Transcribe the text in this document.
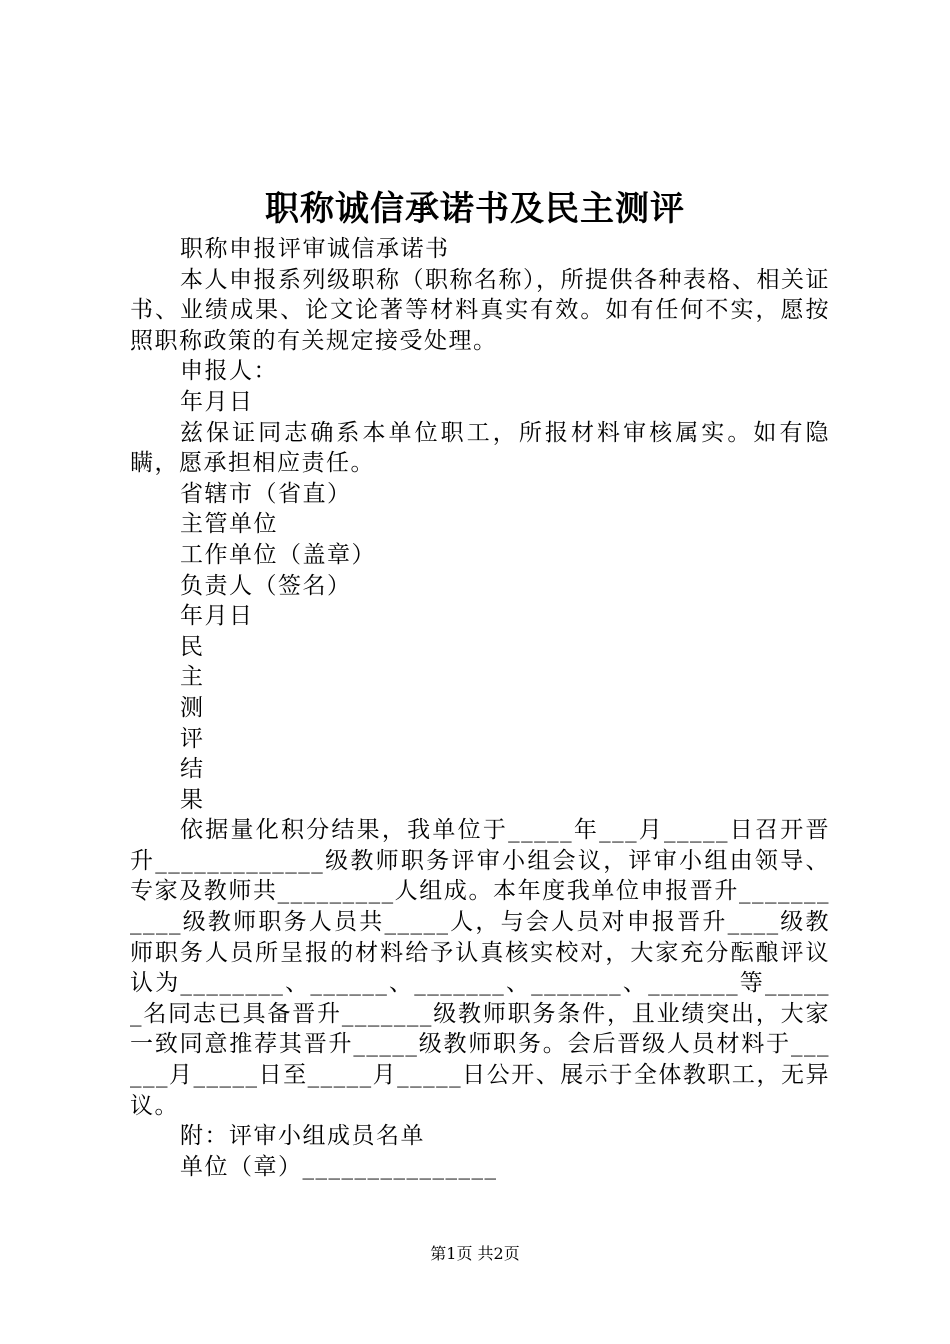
职称诚信承诺书及民主测评

职称申报评审诚信承诺书

本人申报系列级职称（职称名称），所提供各种表格、相关证书、业绩成果、论文论著等材料真实有效。如有任何不实，愿按照职称政策的有关规定接受处理。

申报人：

年月日

兹保证同志确系本单位职工，所报材料审核属实。如有隐瞒，愿承担相应责任。

省辖市（省直）

主管单位

工作单位（盖章）

负责人（签名）

年月日

民

主

测

评

结

果

依据量化积分结果，我单位于_____年___月_____日召开晋升_____________级教师职务评审小组会议，评审小组由领导、专家及教师共_________人组成。本年度我单位申报晋升___________级教师职务人员共_____人，与会人员对申报晋升____级教师职务人员所呈报的材料给予认真核实校对，大家充分酝酿评议认为________、______、_______、_______、_______等______名同志已具备晋升_______级教师职务条件，且业绩突出，大家一致同意推荐其晋升_____级教师职务。会后晋级人员材料于______月_____日至_____月_____日公开、展示于全体教职工，无异议。

附：评审小组成员名单

单位（章）_______________

第1页 共2页
